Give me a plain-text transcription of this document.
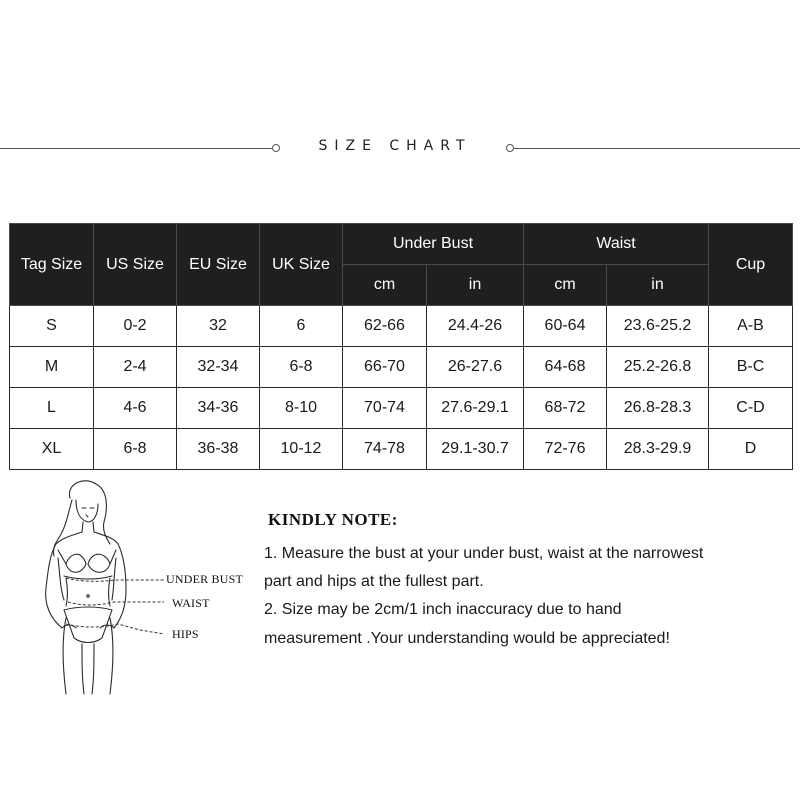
SIZE CHART
Tag Size	US Size	EU Size	UK Size	Under Bust		Waist		Cup
				cm	in	cm	in	
S	0-2	32	6	62-66	24.4-26	60-64	23.6-25.2	A-B
M	2-4	32-34	6-8	66-70	26-27.6	64-68	25.2-26.8	B-C
L	4-6	34-36	8-10	70-74	27.6-29.1	68-72	26.8-28.3	C-D
XL	6-8	36-38	10-12	74-78	29.1-30.7	72-76	28.3-29.9	D
UNDER BUST
WAIST
HIPS
KINDLY NOTE:
1. Measure the bust at your under bust, waist at the narrowest
part and hips at the fullest part.
2. Size may be 2cm/1 inch inaccuracy due to hand
measurement .Your understanding would be appreciated!
